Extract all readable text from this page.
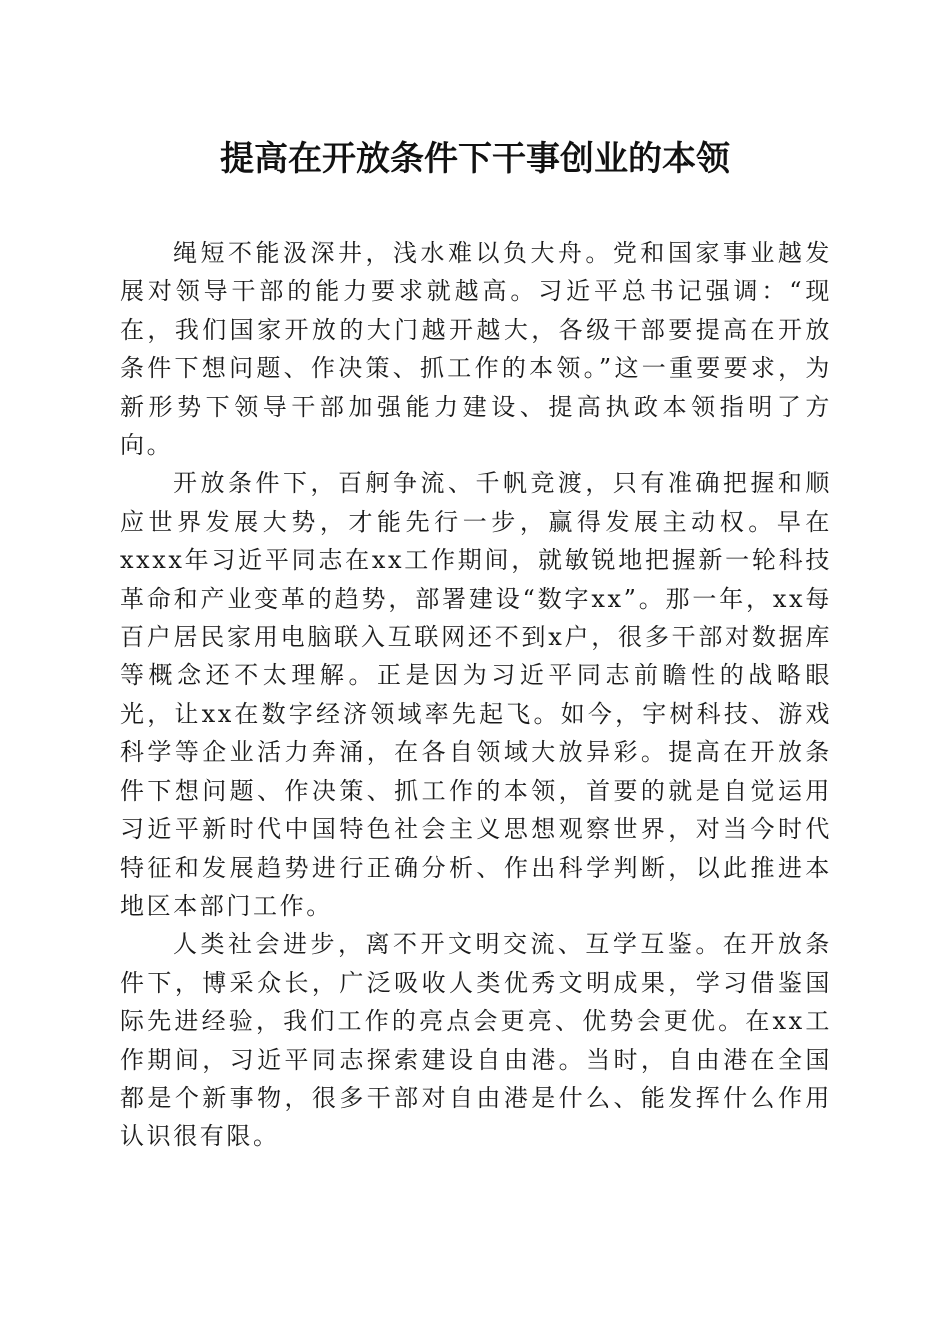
提高在开放条件下干事创业的本领

绳短不能汲深井，浅水难以负大舟。党和国家事业越发展对领导干部的能力要求就越高。习近平总书记强调：“现在，我们国家开放的大门越开越大，各级干部要提高在开放条件下想问题、作决策、抓工作的本领。”这一重要要求，为新形势下领导干部加强能力建设、提高执政本领指明了方向。

开放条件下，百舸争流、千帆竞渡，只有准确把握和顺应世界发展大势，才能先行一步，赢得发展主动权。早在xxxx年习近平同志在xx工作期间，就敏锐地把握新一轮科技革命和产业变革的趋势，部署建设“数字xx”。那一年，xx每百户居民家用电脑联入互联网还不到x户，很多干部对数据库等概念还不太理解。正是因为习近平同志前瞻性的战略眼光，让xx在数字经济领域率先起飞。如今，宇树科技、游戏科学等企业活力奔涌，在各自领域大放异彩。提高在开放条件下想问题、作决策、抓工作的本领，首要的就是自觉运用习近平新时代中国特色社会主义思想观察世界，对当今时代特征和发展趋势进行正确分析、作出科学判断，以此推进本地区本部门工作。

人类社会进步，离不开文明交流、互学互鉴。在开放条件下，博采众长，广泛吸收人类优秀文明成果，学习借鉴国际先进经验，我们工作的亮点会更亮、优势会更优。在xx工作期间，习近平同志探索建设自由港。当时，自由港在全国都是个新事物，很多干部对自由港是什么、能发挥什么作用认识很有限。
